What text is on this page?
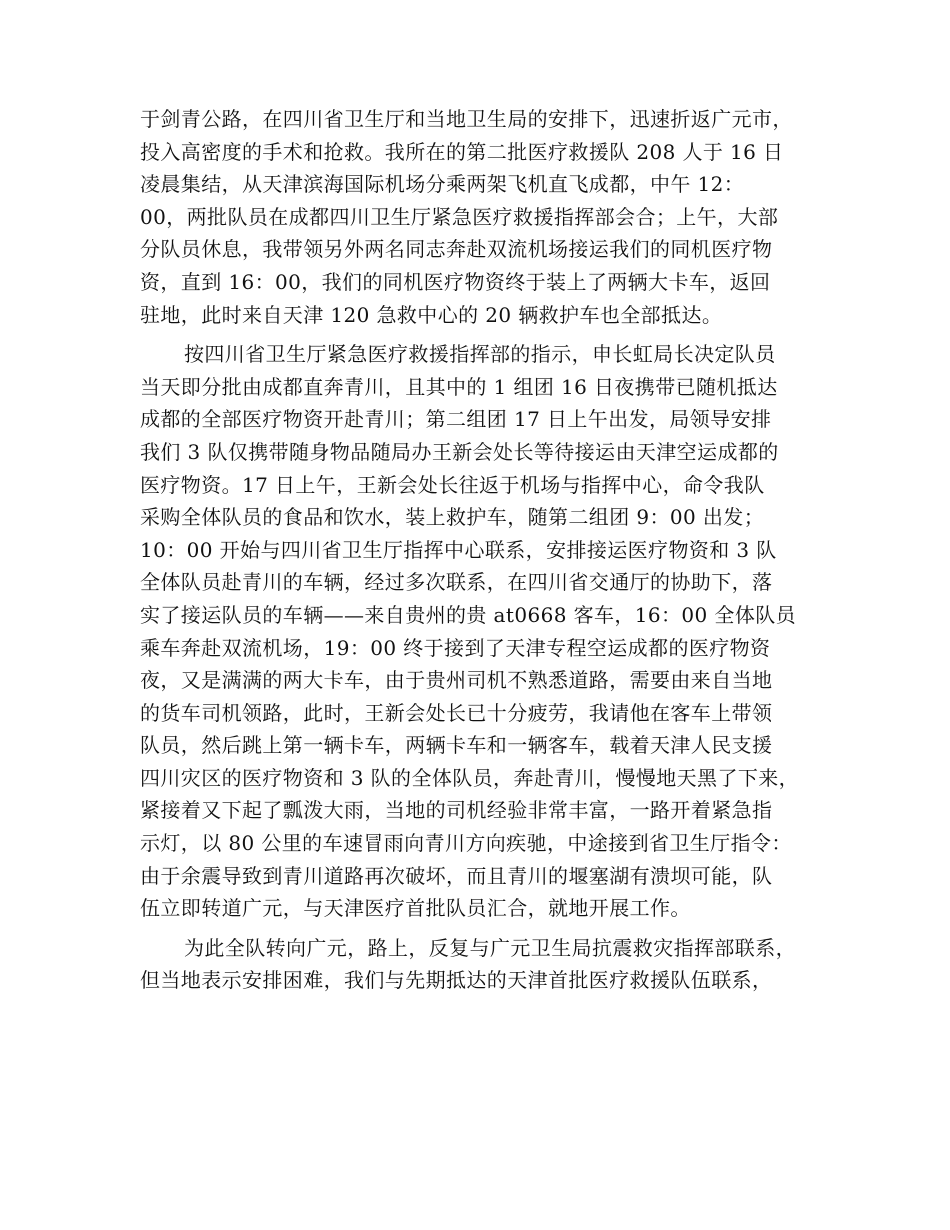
于剑青公路，在四川省卫生厅和当地卫生局的安排下，迅速折返广元市，
投入高密度的手术和抢救。我所在的第二批医疗救援队 208 人于 16 日
凌晨集结，从天津滨海国际机场分乘两架飞机直飞成都，中午 12：
00，两批队员在成都四川卫生厅紧急医疗救援指挥部会合；上午，大部
分队员休息，我带领另外两名同志奔赴双流机场接运我们的同机医疗物
资，直到 16：00，我们的同机医疗物资终于装上了两辆大卡车，返回
驻地，此时来自天津 120 急救中心的 20 辆救护车也全部抵达。
按四川省卫生厅紧急医疗救援指挥部的指示，申长虹局长决定队员
当天即分批由成都直奔青川，且其中的 1 组团 16 日夜携带已随机抵达
成都的全部医疗物资开赴青川；第二组团 17 日上午出发，局领导安排
我们 3 队仅携带随身物品随局办王新会处长等待接运由天津空运成都的
医疗物资。17 日上午，王新会处长往返于机场与指挥中心，命令我队
采购全体队员的食品和饮水，装上救护车，随第二组团 9：00 出发；
10：00 开始与四川省卫生厅指挥中心联系，安排接运医疗物资和 3 队
全体队员赴青川的车辆，经过多次联系，在四川省交通厅的协助下，落
实了接运队员的车辆——来自贵州的贵 at0668 客车，16：00 全体队员
乘车奔赴双流机场，19：00 终于接到了天津专程空运成都的医疗物资
夜，又是满满的两大卡车，由于贵州司机不熟悉道路，需要由来自当地
的货车司机领路，此时，王新会处长已十分疲劳，我请他在客车上带领
队员，然后跳上第一辆卡车，两辆卡车和一辆客车，载着天津人民支援
四川灾区的医疗物资和 3 队的全体队员，奔赴青川，慢慢地天黑了下来，
紧接着又下起了瓢泼大雨，当地的司机经验非常丰富，一路开着紧急指
示灯，以 80 公里的车速冒雨向青川方向疾驰，中途接到省卫生厅指令：
由于余震导致到青川道路再次破坏，而且青川的堰塞湖有溃坝可能，队
伍立即转道广元，与天津医疗首批队员汇合，就地开展工作。
为此全队转向广元，路上，反复与广元卫生局抗震救灾指挥部联系，
但当地表示安排困难，我们与先期抵达的天津首批医疗救援队伍联系，
